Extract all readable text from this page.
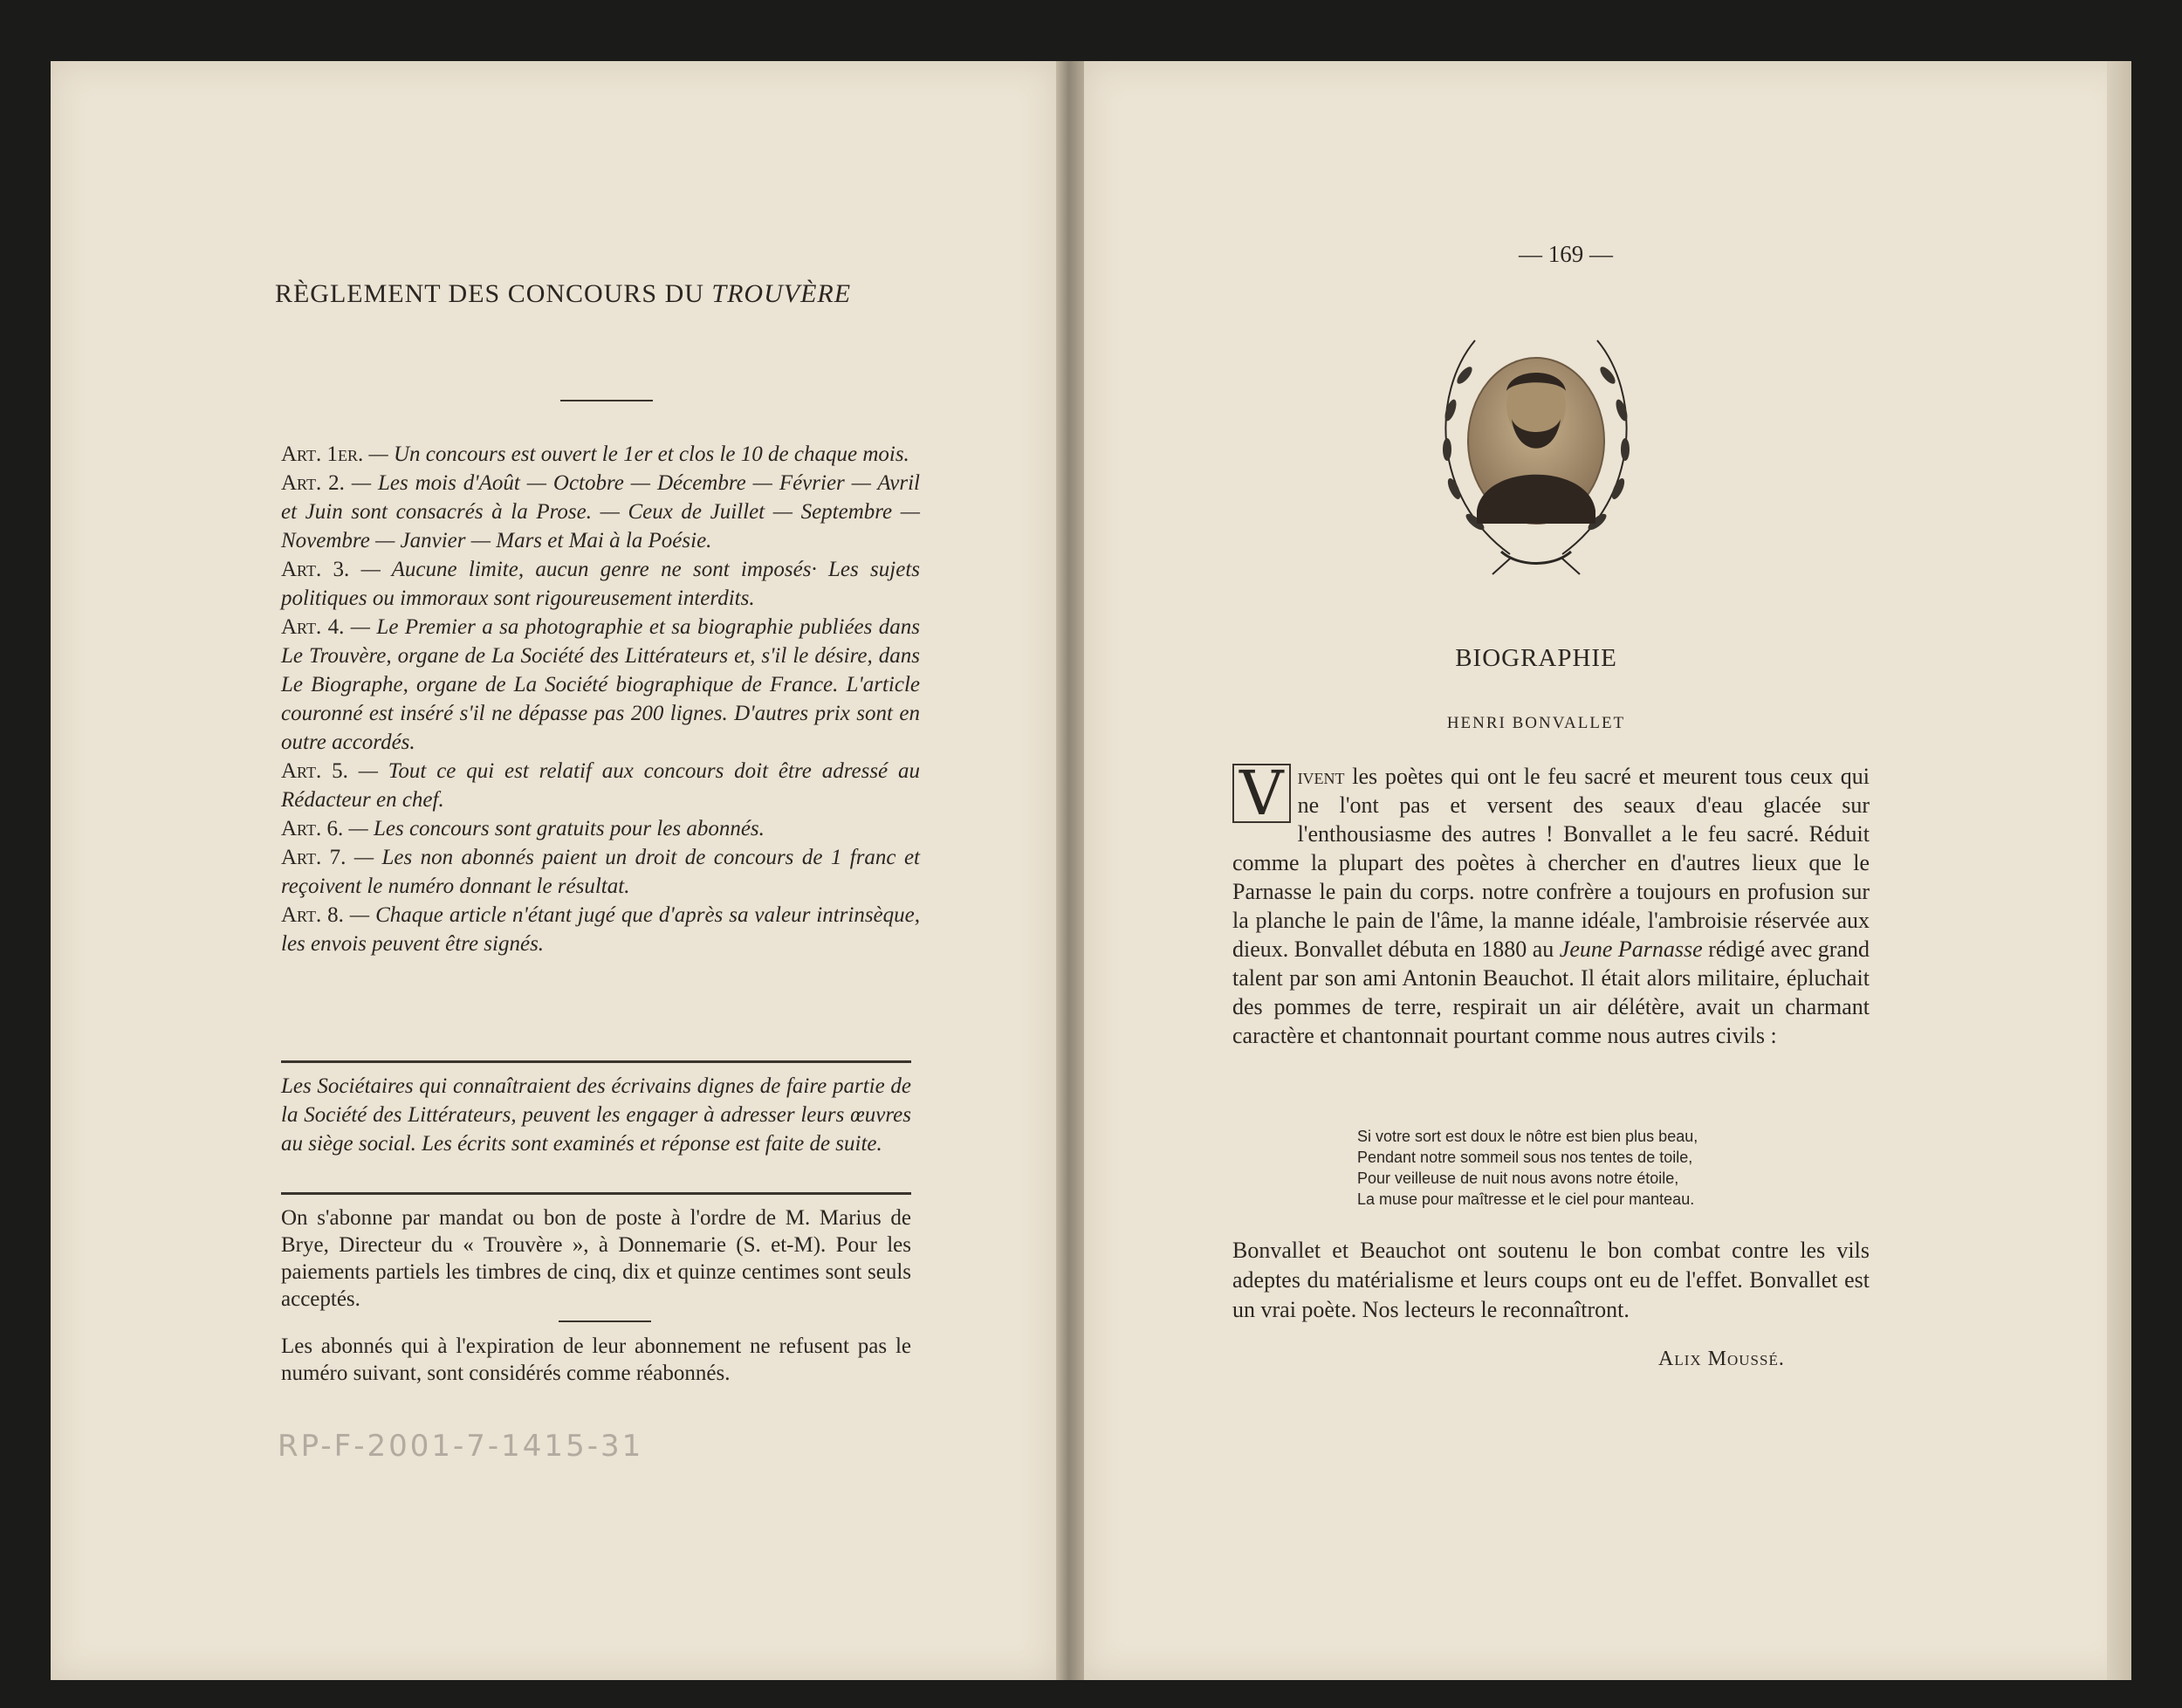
RÈGLEMENT DES CONCOURS DU TROUVÈRE
Art. 1er. — Un concours est ouvert le 1er et clos le 10 de chaque mois.
Art. 2. — Les mois d'Août — Octobre — Décembre — Février — Avril et Juin sont consacrés à la Prose. — Ceux de Juillet — Septembre — Novembre — Janvier — Mars et Mai à la Poésie.
Art. 3. — Aucune limite, aucun genre ne sont imposés· Les sujets politiques ou immoraux sont rigoureusement interdits.
Art. 4. — Le Premier a sa photographie et sa biographie publiées dans Le Trouvère, organe de La Société des Littérateurs et, s'il le désire, dans Le Biographe, organe de La Société biographique de France. L'article couronné est inséré s'il ne dépasse pas 200 lignes. D'autres prix sont en outre accordés.
Art. 5. — Tout ce qui est relatif aux concours doit être adressé au Rédacteur en chef.
Art. 6. — Les concours sont gratuits pour les abonnés.
Art. 7. — Les non abonnés paient un droit de concours de 1 franc et reçoivent le numéro donnant le résultat.
Art. 8. — Chaque article n'étant jugé que d'après sa valeur intrinsèque, les envois peuvent être signés.
Les Sociétaires qui connaîtraient des écrivains dignes de faire partie de la Société des Littérateurs, peuvent les engager à adresser leurs œuvres au siège social. Les écrits sont examinés et réponse est faite de suite.
On s'abonne par mandat ou bon de poste à l'ordre de M. Marius de Brye, Directeur du « Trouvère », à Donnemarie (S. et-M). Pour les paiements partiels les timbres de cinq, dix et quinze centimes sont seuls acceptés.
Les abonnés qui à l'expiration de leur abonnement ne refusent pas le numéro suivant, sont considérés comme réabonnés.
RP-F-2001-7-1415-31
— 169 —
BIOGRAPHIE
HENRI BONVALLET
V ivent les poètes qui ont le feu sacré et meurent tous ceux qui ne l'ont pas et versent des seaux d'eau glacée sur l'enthousiasme des autres ! Bonvallet a le feu sacré. Réduit comme la plupart des poètes à chercher en d'autres lieux que le Parnasse le pain du corps. notre confrère a toujours en profusion sur la planche le pain de l'âme, la manne idéale, l'ambroisie réservée aux dieux. Bonvallet débuta en 1880 au Jeune Parnasse rédigé avec grand talent par son ami Antonin Beauchot. Il était alors militaire, épluchait des pommes de terre, respirait un air délétère, avait un charmant caractère et chantonnait pourtant comme nous autres civils :
Si votre sort est doux le nôtre est bien plus beau,
Pendant notre sommeil sous nos tentes de toile,
Pour veilleuse de nuit nous avons notre étoile,
La muse pour maîtresse et le ciel pour manteau.
Bonvallet et Beauchot ont soutenu le bon combat contre les vils adeptes du matérialisme et leurs coups ont eu de l'effet. Bonvallet est un vrai poète. Nos lecteurs le reconnaîtront.
Alix Moussé.
